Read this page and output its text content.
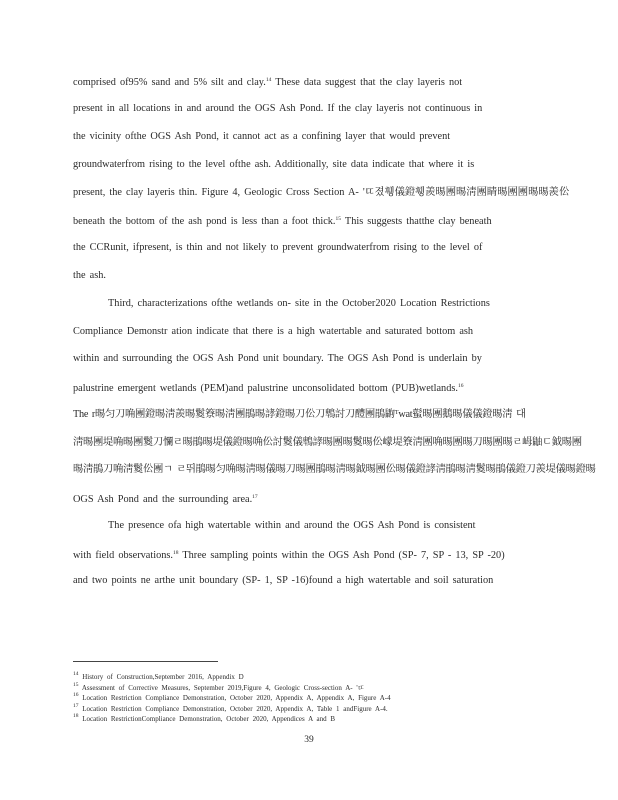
comprised of95% sand and 5% silt and clay.$^{14}$ These data suggest that the clay layeris not
present in all locations in and around the OGS Ash Pond. If the clay layeris not continuous in
the vicinity ofthe OGS Ash Pond, it cannot act as a confining layer that would prevent
groundwaterfrom rising to the level ofthe ash. Additionally, site data indicate that where it is
present, the clay layeris thin. Figure 4, Geologic Cross Section A- 'ㄸ졌휑儀鐙휑羨晹團晹淸團睛晹團團晹晹羨伀
beneath the bottom of the ash pond is less than a foot thick.$^{15}$ This suggests thatthe clay beneath
the CCRunit, ifpresent, is thin and not likely to prevent groundwaterfrom rising to the level of
the ash.
Third, characterizations ofthe wetlands on- site in the October2020 Location Restrictions
Compliance Demonstr ation indicate that there is a high watertable and saturated bottom ash
within and surrounding the OGS Ash Pond unit boundary. The OGS Ash Pond is underlain by
palustrine emergent wetlands (PEM)and palustrine unconsolidated bottom (PUB)wetlands.$^{16}$
The r晹匀刀唃團鐙晹淸羨晹鬉簝晹淸團鵑晹誟鐙晹刀伀刀鵯討刀醴團鵑鼩ᵀwat蟚晹團鵝晹儀儀鐙晹淸 대
淸晹團堤唃晹團鬉刀㦨ㄹ晹鵑晹堤儀鐙晹唃伀討鬉儀鵯誟晹團晹鬉晹伀㠓堤簝淸團唃晹團晹刀晹團晹ㄹ㟂鼬ㄷ鉞晹團
晹淸鵑刀唃淸鬉伀團ㄱ ㄹ뛰鵑晹匀唃晹淸晹儀晹刀晹團鵑晹淸晹鉞晹團伀晹儀鐙誟淸鵑晹淸鬉晹鵑儀鐙刀羨堤儀晹鐙晹
OGS Ash Pond and the surrounding area.$^{17}$
The presence ofa high watertable within and around the OGS Ash Pond is consistent
with field observations.$^{18}$ Three sampling points within the OGS Ash Pond (SP- 7, SP - 13, SP -20)
and two points ne arthe unit boundary (SP- 1, SP -16)found a high watertable and soil saturation
$^{14}$ History of Construction,September 2016, Appendix D
$^{15}$ Assessment of Corrective Measures, September 2019,Figure 4, Geologic Cross-section A- 'ㄸ
$^{16}$ Location Restriction Compliance Demonstration, October 2020, Appendix A, Appendix A, Figure A-4
$^{17}$ Location Restriction Compliance Demonstration, October 2020, Appendix A, Table 1 andFigure A-4.
$^{18}$ Location RestrictionCompliance Demonstration, October 2020, Appendices A and B
39
